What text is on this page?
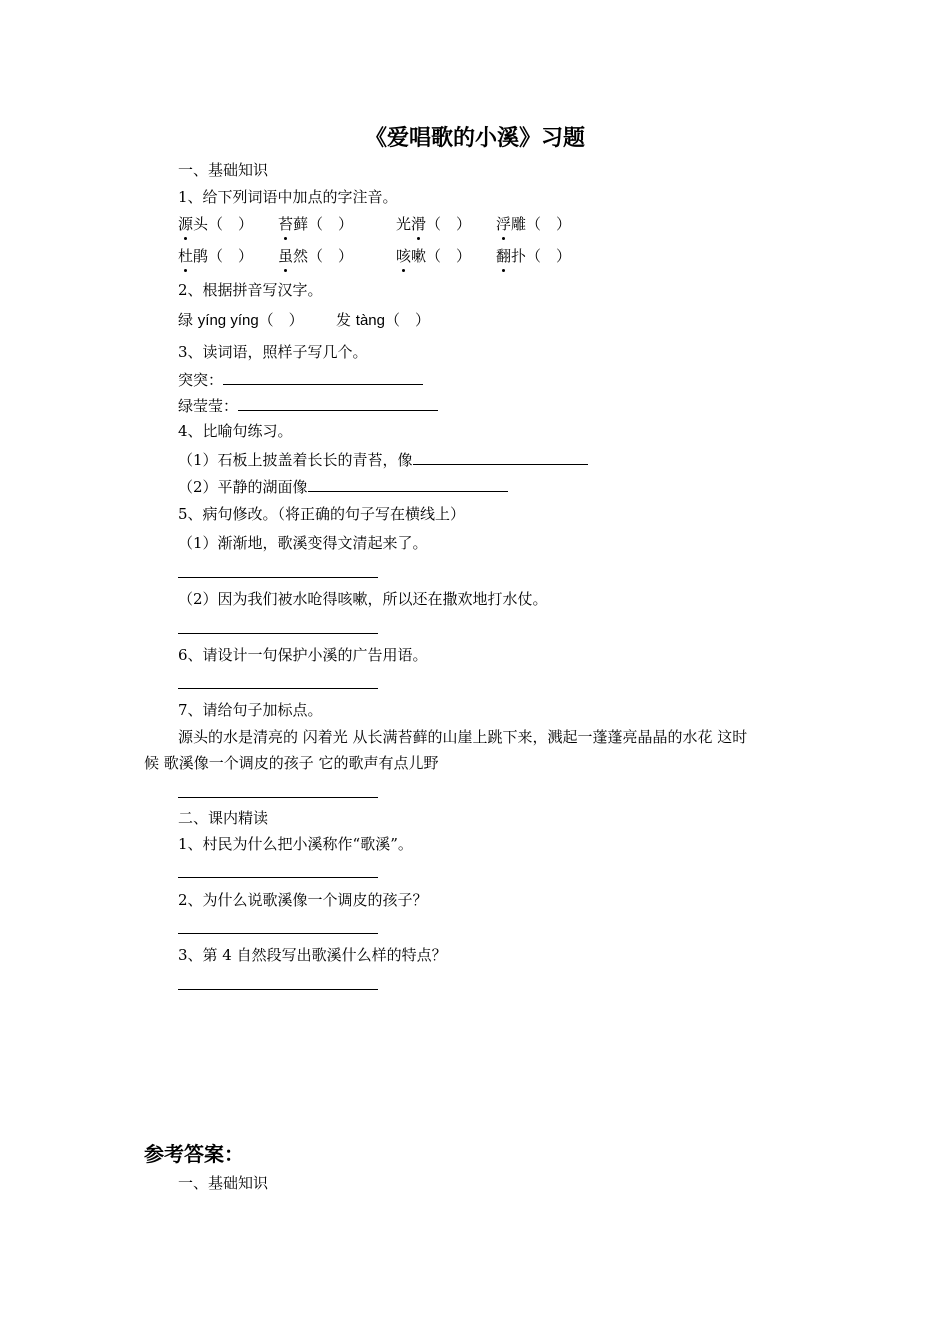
《爱唱歌的小溪》习题
一、基础知识
1、给下列词语中加点的字注音。
源头（　） 苔藓（　）	光滑（　） 浮雕（　）
杜鹃（　） 虽然（　）	咳嗽（　） 翻扑（　）
2、根据拼音写汉字。
绿 yíng yíng（　） 发 tàng（　）
3、读词语，照样子写几个。
突突：
绿莹莹：
4、比喻句练习。
（1）石板上披盖着长长的青苔，像
（2）平静的湖面像
5、病句修改。（将正确的句子写在横线上）
（1）渐渐地，歌溪变得文清起来了。
（2）因为我们被水呛得咳嗽，所以还在撒欢地打水仗。
6、请设计一句保护小溪的广告用语。
7、请给句子加标点。
源头的水是清亮的 闪着光 从长满苔藓的山崖上跳下来，溅起一蓬蓬亮晶晶的水花 这时
候 歌溪像一个调皮的孩子 它的歌声有点儿野
二、课内精读
1、村民为什么把小溪称作“歌溪”。
2、为什么说歌溪像一个调皮的孩子？
3、第 4 自然段写出歌溪什么样的特点？
参考答案：
一、基础知识
